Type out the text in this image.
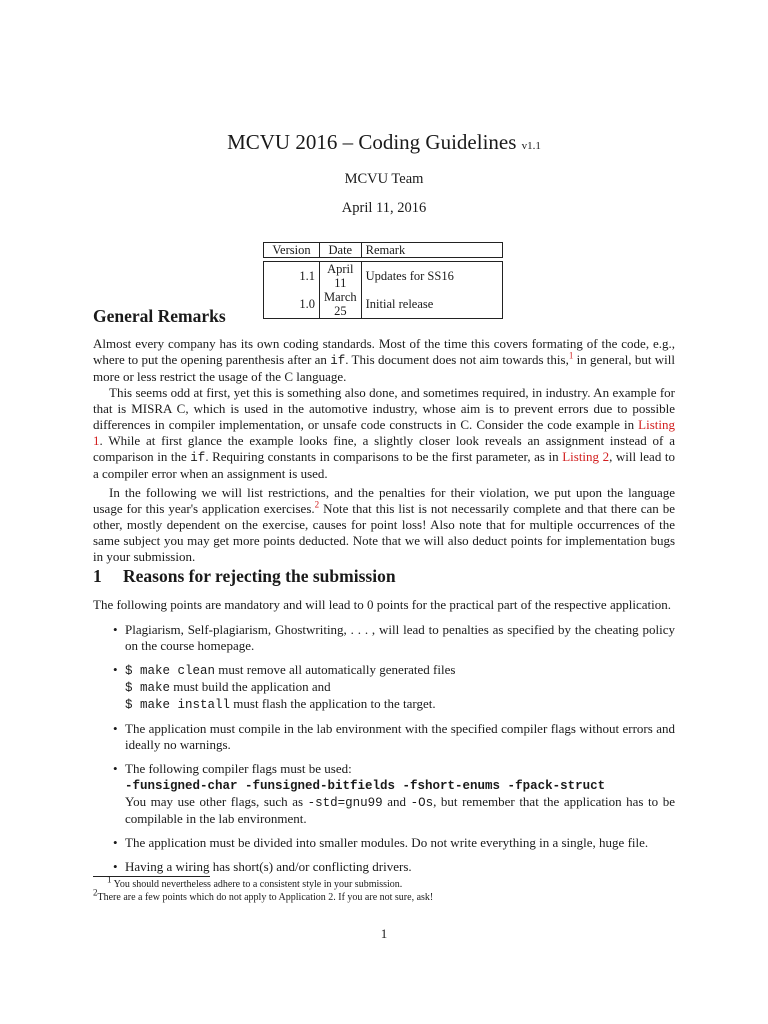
MCVU 2016 – Coding Guidelines v1.1
MCVU Team
April 11, 2016
Version	Date	Remark

1.1	April 11	Updates for SS16
1.0	March 25	Initial release
General Remarks

Almost every company has its own coding standards. Most of the time this covers formating of the code, e.g., where to put the opening parenthesis after an if. This document does not aim towards this,$^1$ in general, but will more or less restrict the usage of the C language.

This seems odd at first, yet this is something also done, and sometimes required, in industry. An example for that is MISRA C, which is used in the automotive industry, whose aim is to prevent errors due to possible differences in compiler implementation, or unsafe code constructs in C. Consider the code example in Listing 1. While at first glance the example looks fine, a slightly closer look reveals an assignment instead of a comparison in the if. Requiring constants in comparisons to be the first parameter, as in Listing 2, will lead to a compiler error when an assignment is used.

In the following we will list restrictions, and the penalties for their violation, we put upon the language usage for this year's application exercises.$^2$ Note that this list is not necessarily complete and that there can be other, mostly dependent on the exercise, causes for point loss! Also note that for multiple occurrences of the same subject you may get more points deducted. Note that we will also deduct points for implementation bugs in your submission.

1 Reasons for rejecting the submission

The following points are mandatory and will lead to 0 points for the practical part of the respective application.

• Plagiarism, Self-plagiarism, Ghostwriting, . . . , will lead to penalties as specified by the cheating policy on the course homepage.
• $ make clean must remove all automatically generated files
$ make must build the application and
$ make install must flash the application to the target.
• The application must compile in the lab environment with the specified compiler flags without errors and ideally no warnings.
• The following compiler flags must be used:
-funsigned-char -funsigned-bitfields -fshort-enums -fpack-struct
You may use other flags, such as -std=gnu99 and -Os, but remember that the application has to be compilable in the lab environment.
• The application must be divided into smaller modules. Do not write everything in a single, huge file.
• Having a wiring has short(s) and/or conflicting drivers.
$^1$ You should nevertheless adhere to a consistent style in your submission.
$^2$There are a few points which do not apply to Application 2. If you are not sure, ask!
1
